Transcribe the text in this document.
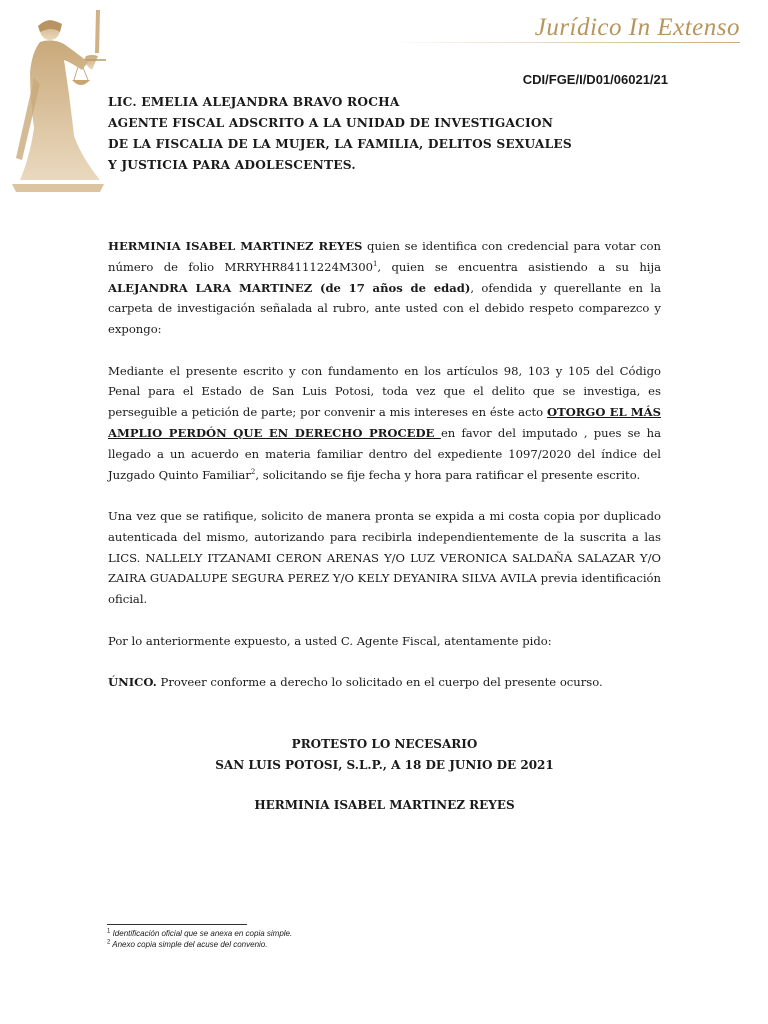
Jurídico In Extenso
CDI/FGE/I/D01/06021/21
LIC. EMELIA ALEJANDRA BRAVO ROCHA
AGENTE FISCAL ADSCRITO A LA UNIDAD DE INVESTIGACION
DE LA FISCALIA DE LA MUJER, LA FAMILIA, DELITOS SEXUALES
Y JUSTICIA PARA ADOLESCENTES.

HERMINIA ISABEL MARTINEZ REYES quien se identifica con credencial para votar con número de folio $MRRYHR84111224M300^1$, quien se encuentra asistiendo a su hija ALEJANDRA LARA MARTINEZ (de 17 años de edad), ofendida y querellante en la carpeta de investigación señalada al rubro, ante usted con el debido respeto comparezco y expongo:

Mediante el presente escrito y con fundamento en los artículos 98, 103 y 105 del Código Penal para el Estado de San Luis Potosi, toda vez que el delito que se investiga, es perseguible a petición de parte; por convenir a mis intereses en éste acto OTORGO EL MÁS AMPLIO PERDÓN QUE EN DERECHO PROCEDE en favor del imputado , pues se ha llegado a un acuerdo en materia familiar dentro del expediente 1097/2020 del índice del Juzgado Quinto Familiar$^2$, solicitando se fije fecha y hora para ratificar el presente escrito.

Una vez que se ratifique, solicito de manera pronta se expida a mi costa copia por duplicado autenticada del mismo, autorizando para recibirla independientemente de la suscrita a las LICS. NALLELY ITZANAMI CERON ARENAS Y/O LUZ VERONICA SALDAÑA SALAZAR Y/O ZAIRA GUADALUPE SEGURA PEREZ Y/O KELY DEYANIRA SILVA AVILA previa identificación oficial.

Por lo anteriormente expuesto, a usted C. Agente Fiscal, atentamente pido:

ÚNICO. Proveer conforme a derecho lo solicitado en el cuerpo del presente ocurso.

PROTESTO LO NECESARIO
SAN LUIS POTOSI, S.L.P., A 18 DE JUNIO DE 2021
HERMINIA ISABEL MARTINEZ REYES
$^1$ Identificación oficial que se anexa en copia simple.
$^2$ Anexo copia simple del acuse del convenio.
